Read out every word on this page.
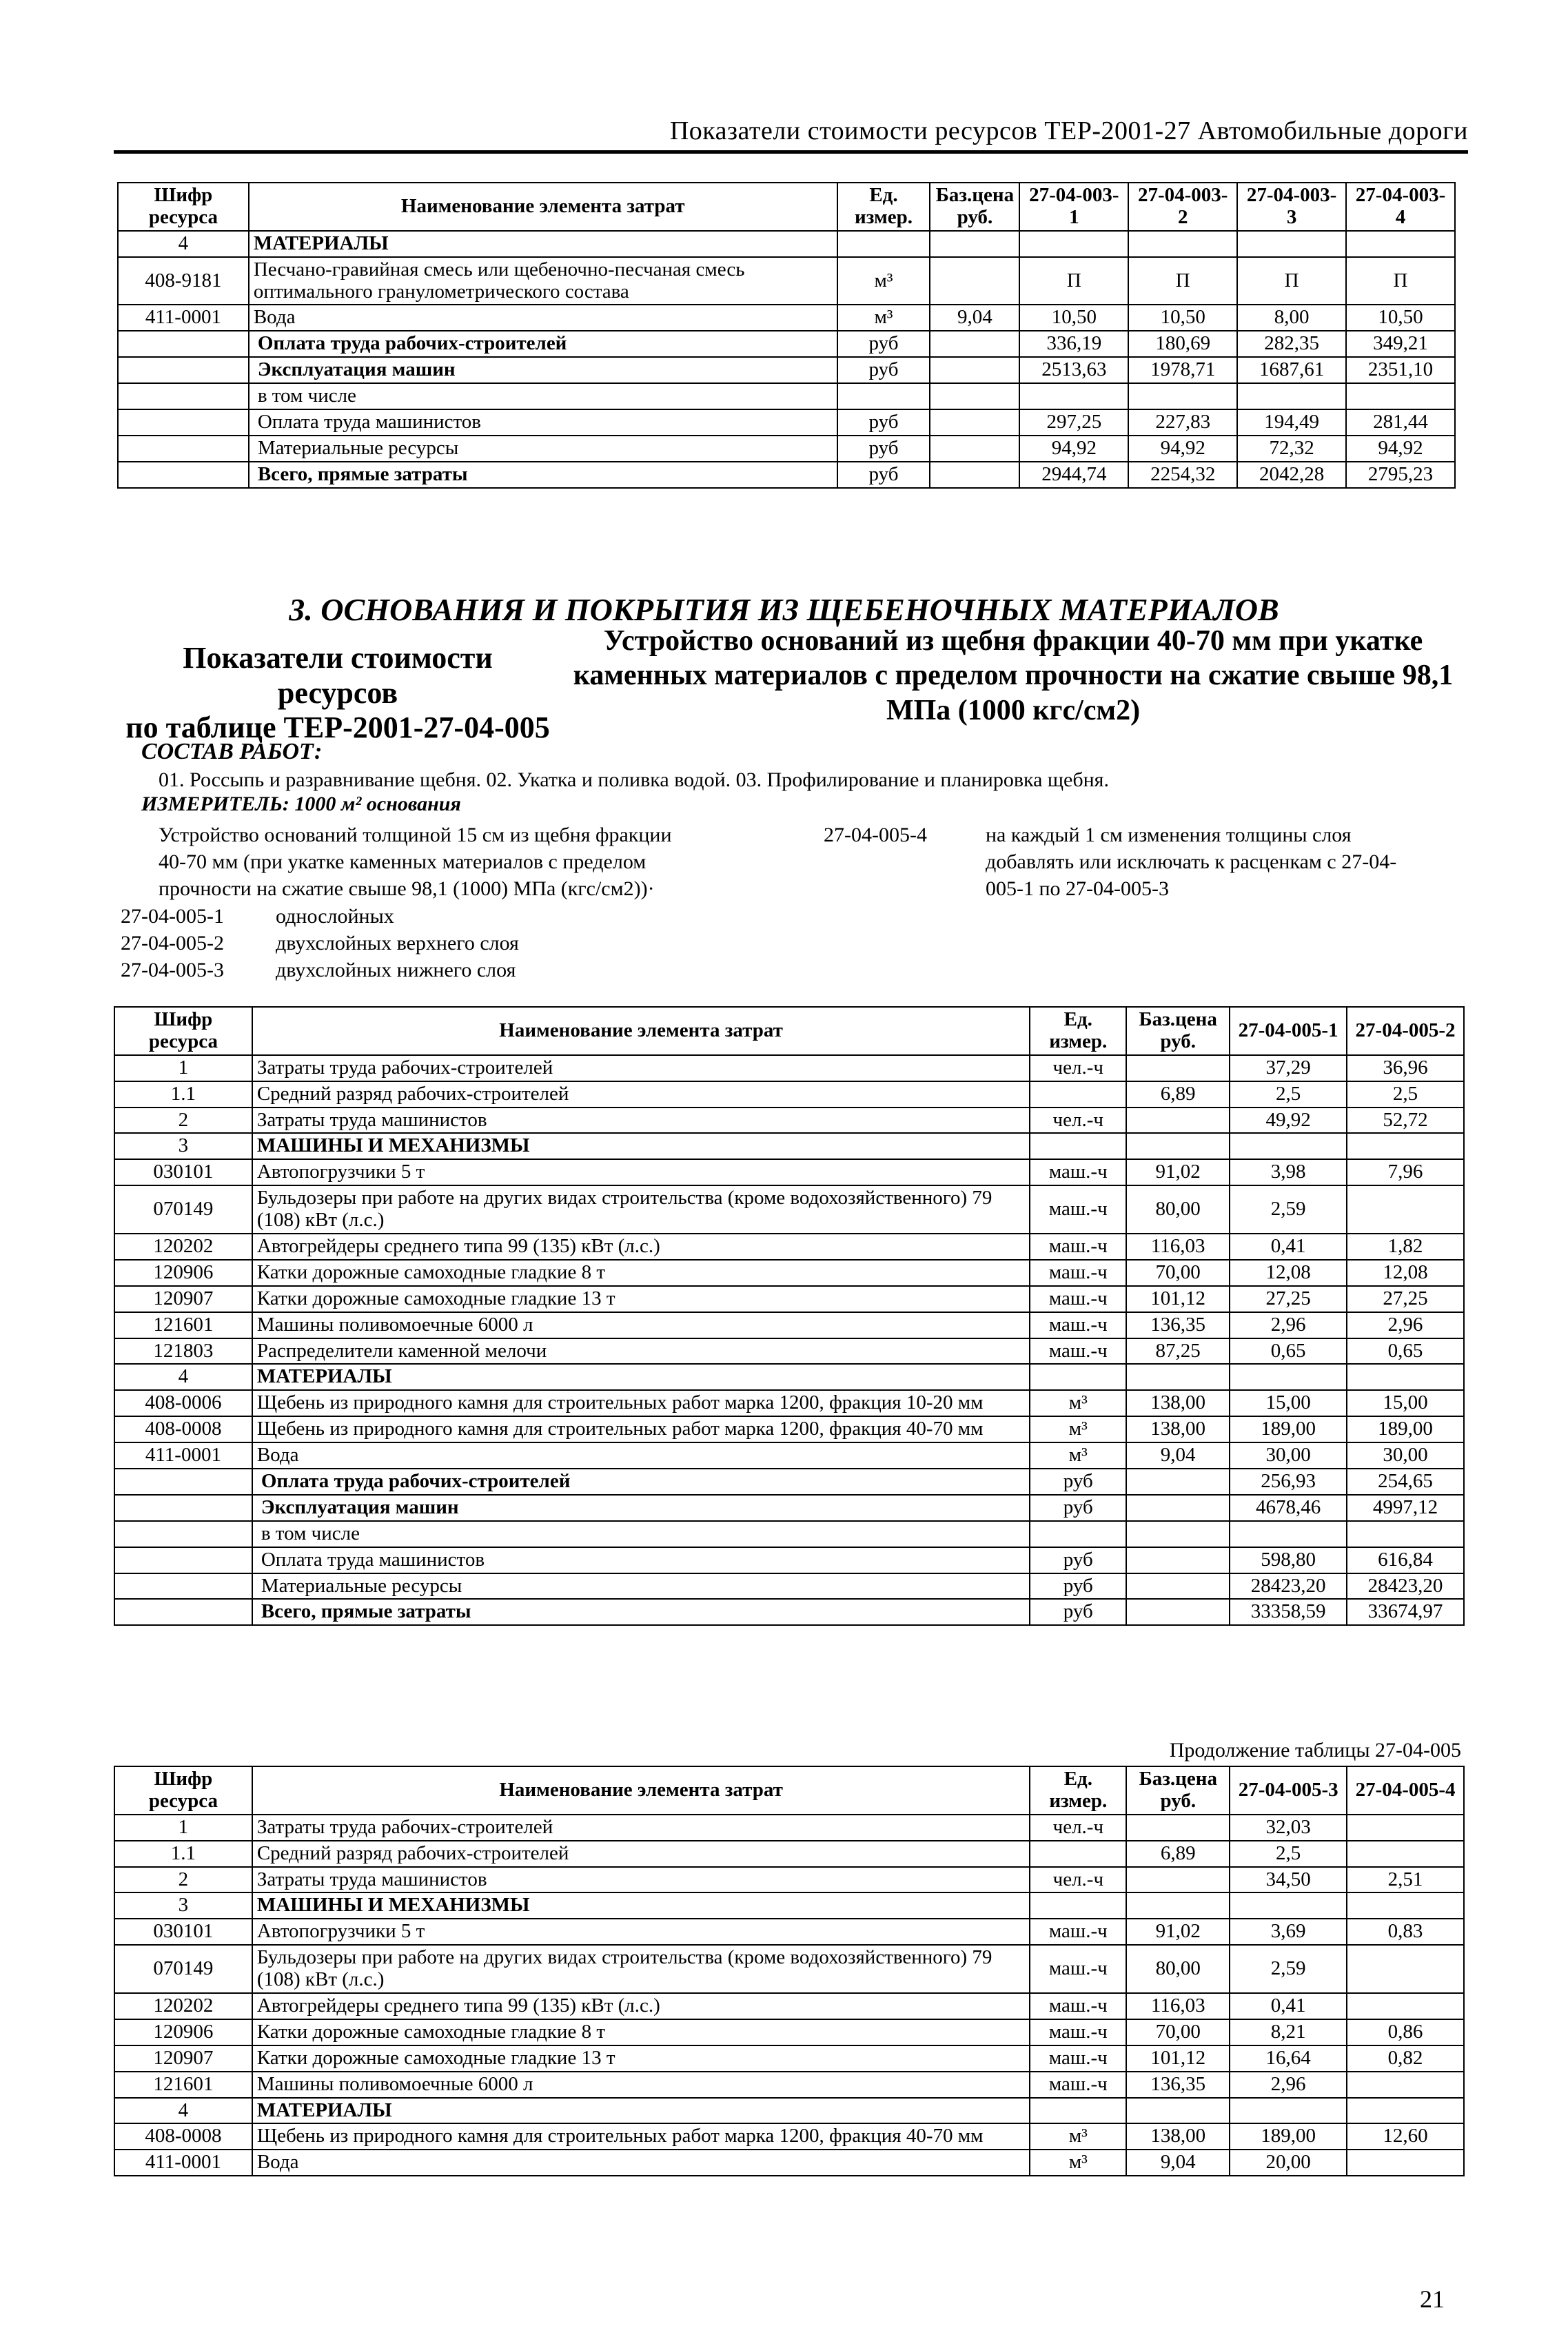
Показатели стоимости ресурсов ТЕР-2001-27 Автомобильные дороги
Шифр ресурса	Наименование элемента затрат	Ед. измер.	Баз.цена руб.	27-04-003-1	27-04-003-2	27-04-003-3	27-04-003-4
4	МАТЕРИАЛЫ						
408-9181	Песчано-гравийная смесь или щебеночно-песчаная смесь оптимального гранулометрического состава	м³		П	П	П	П
411-0001	Вода	м³	9,04	10,50	10,50	8,00	10,50
	Оплата труда рабочих-строителей	руб		336,19	180,69	282,35	349,21
	Эксплуатация машин	руб		2513,63	1978,71	1687,61	2351,10
	в том числе						
	Оплата труда машинистов	руб		297,25	227,83	194,49	281,44
	Материальные ресурсы	руб		94,92	94,92	72,32	94,92
	Всего, прямые затраты	руб		2944,74	2254,32	2042,28	2795,23
3. ОСНОВАНИЯ И ПОКРЫТИЯ ИЗ ЩЕБЕНОЧНЫХ МАТЕРИАЛОВ
Показатели стоимости ресурсов
по таблице ТЕР-2001-27-04-005
Устройство оснований из щебня фракции 40-70 мм при укатке
каменных материалов с пределом прочности на сжатие свыше 98,1
МПа (1000 кгс/см2)
СОСТАВ РАБОТ:
01. Россыпь и разравнивание щебня. 02. Укатка и поливка водой. 03. Профилирование и планировка щебня.
ИЗМЕРИТЕЛЬ: 1000 м² основания
Устройство оснований толщиной 15 см из щебня фракции
40-70 мм (при укатке каменных материалов с пределом
прочности на сжатие свыше 98,1 (1000) МПа (кгс/см2))·
27-04-005-4	на каждый 1 см изменения толщины слоя
добавлять или исключать к расценкам с 27-04-
005-1 по 27-04-005-3
27-04-005-1	однослойных
27-04-005-2	двухслойных верхнего слоя
27-04-005-3	двухслойных нижнего слоя
Шифр ресурса	Наименование элемента затрат	Ед. измер.	Баз.цена руб.	27-04-005-1	27-04-005-2
1	Затраты труда рабочих-строителей	чел.-ч		37,29	36,96
1.1	Средний разряд рабочих-строителей		6,89	2,5	2,5
2	Затраты труда машинистов	чел.-ч		49,92	52,72
3	МАШИНЫ И МЕХАНИЗМЫ				
030101	Автопогрузчики 5 т	маш.-ч	91,02	3,98	7,96
070149	Бульдозеры при работе на других видах строительства (кроме водохозяйственного) 79 (108) кВт (л.с.)	маш.-ч	80,00	2,59	
120202	Автогрейдеры среднего типа 99 (135) кВт (л.с.)	маш.-ч	116,03	0,41	1,82
120906	Катки дорожные самоходные гладкие 8 т	маш.-ч	70,00	12,08	12,08
120907	Катки дорожные самоходные гладкие 13 т	маш.-ч	101,12	27,25	27,25
121601	Машины поливомоечные 6000 л	маш.-ч	136,35	2,96	2,96
121803	Распределители каменной мелочи	маш.-ч	87,25	0,65	0,65
4	МАТЕРИАЛЫ				
408-0006	Щебень из природного камня для строительных работ марка 1200, фракция 10-20 мм	м³	138,00	15,00	15,00
408-0008	Щебень из природного камня для строительных работ марка 1200, фракция 40-70 мм	м³	138,00	189,00	189,00
411-0001	Вода	м³	9,04	30,00	30,00
	Оплата труда рабочих-строителей	руб		256,93	254,65
	Эксплуатация машин	руб		4678,46	4997,12
	в том числе				
	Оплата труда машинистов	руб		598,80	616,84
	Материальные ресурсы	руб		28423,20	28423,20
	Всего, прямые затраты	руб		33358,59	33674,97
Продолжение таблицы 27-04-005
Шифр ресурса	Наименование элемента затрат	Ед. измер.	Баз.цена руб.	27-04-005-3	27-04-005-4
1	Затраты труда рабочих-строителей	чел.-ч		32,03	
1.1	Средний разряд рабочих-строителей		6,89	2,5	
2	Затраты труда машинистов	чел.-ч		34,50	2,51
3	МАШИНЫ И МЕХАНИЗМЫ				
030101	Автопогрузчики 5 т	маш.-ч	91,02	3,69	0,83
070149	Бульдозеры при работе на других видах строительства (кроме водохозяйственного) 79 (108) кВт (л.с.)	маш.-ч	80,00	2,59	
120202	Автогрейдеры среднего типа 99 (135) кВт (л.с.)	маш.-ч	116,03	0,41	
120906	Катки дорожные самоходные гладкие 8 т	маш.-ч	70,00	8,21	0,86
120907	Катки дорожные самоходные гладкие 13 т	маш.-ч	101,12	16,64	0,82
121601	Машины поливомоечные 6000 л	маш.-ч	136,35	2,96	
4	МАТЕРИАЛЫ				
408-0008	Щебень из природного камня для строительных работ марка 1200, фракция 40-70 мм	м³	138,00	189,00	12,60
411-0001	Вода	м³	9,04	20,00	
21
